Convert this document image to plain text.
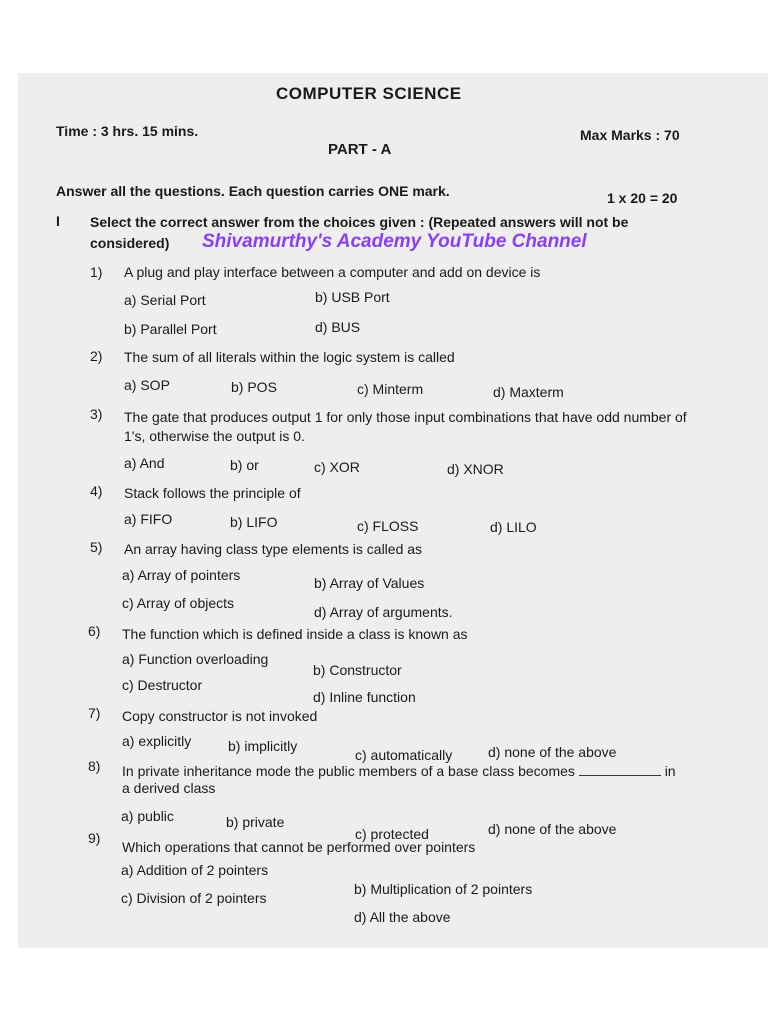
COMPUTER SCIENCE
Time : 3 hrs. 15 mins.	Max Marks : 70
PART - A
Answer all the questions. Each question carries ONE mark.	1 x 20 = 20
I Select the correct answer from the choices given : (Repeated answers will not be
considered) Shivamurthy's Academy YouTube Channel
1) A plug and play interface between a computer and add on device is
a) Serial Port	b) USB Port
b) Parallel Port	d) BUS
2) The sum of all literals within the logic system is called
a) SOP	b) POS	c) Minterm	d) Maxterm
3) The gate that produces output 1 for only those input combinations that have odd number of
1's, otherwise the output is 0.
a) And	b) or	c) XOR	d) XNOR
4) Stack follows the principle of
a) FIFO	b) LIFO	c) FLOSS	d) LILO
5) An array having class type elements is called as
a) Array of pointers	b) Array of Values
c) Array of objects
d) Array of arguments.
6) The function which is defined inside a class is known as
a) Function overloading
b) Constructor
c) Destructor
d) Inline function
7) Copy constructor is not invoked
a) explicitly	b) implicitly
c) automatically	d) none of the above
8) In private inheritance mode the public members of a base class becomes	in
a derived class
a) public	b) private
c) protected	d) none of the above
9)
Which operations that cannot be performed over pointers
a) Addition of 2 pointers
b) Multiplication of 2 pointers
c) Division of 2 pointers
d) All the above
